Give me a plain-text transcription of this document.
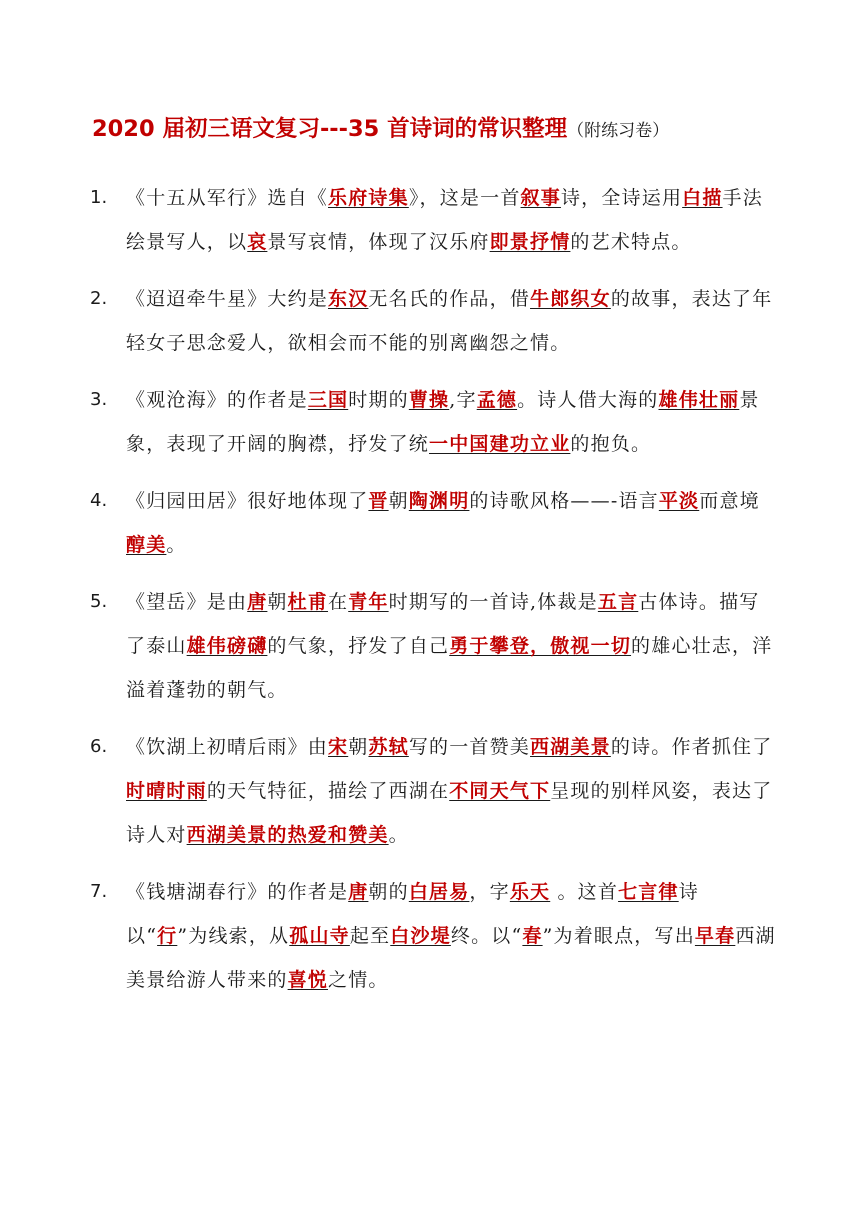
2020 届初三语文复习---35 首诗词的常识整理（附练习卷）
1. 《十五从军行》选自《乐府诗集》，这是一首叙事诗，全诗运用白描手法绘景写人，以哀景写哀情，体现了汉乐府即景抒情的艺术特点。
2. 《迢迢牵牛星》大约是东汉无名氏的作品，借牛郎织女的故事，表达了年轻女子思念爱人，欲相会而不能的别离幽怨之情。
3. 《观沧海》的作者是三国时期的曹操,字孟德。诗人借大海的雄伟壮丽景象，表现了开阔的胸襟，抒发了统一中国建功立业的抱负。
4. 《归园田居》很好地体现了晋朝陶渊明的诗歌风格——-语言平淡而意境醇美。
5. 《望岳》是由唐朝杜甫在青年时期写的一首诗,体裁是五言古体诗。描写了泰山雄伟磅礴的气象，抒发了自己勇于攀登，傲视一切的雄心壮志，洋溢着蓬勃的朝气。
6. 《饮湖上初晴后雨》由宋朝苏轼写的一首赞美西湖美景的诗。作者抓住了时晴时雨的天气特征，描绘了西湖在不同天气下呈现的别样风姿，表达了诗人对西湖美景的热爱和赞美。
7. 《钱塘湖春行》的作者是唐朝的白居易，字乐天 。这首七言律诗以“行”为线索，从孤山寺起至白沙堤终。以“春”为着眼点，写出早春西湖美景给游人带来的喜悦之情。
